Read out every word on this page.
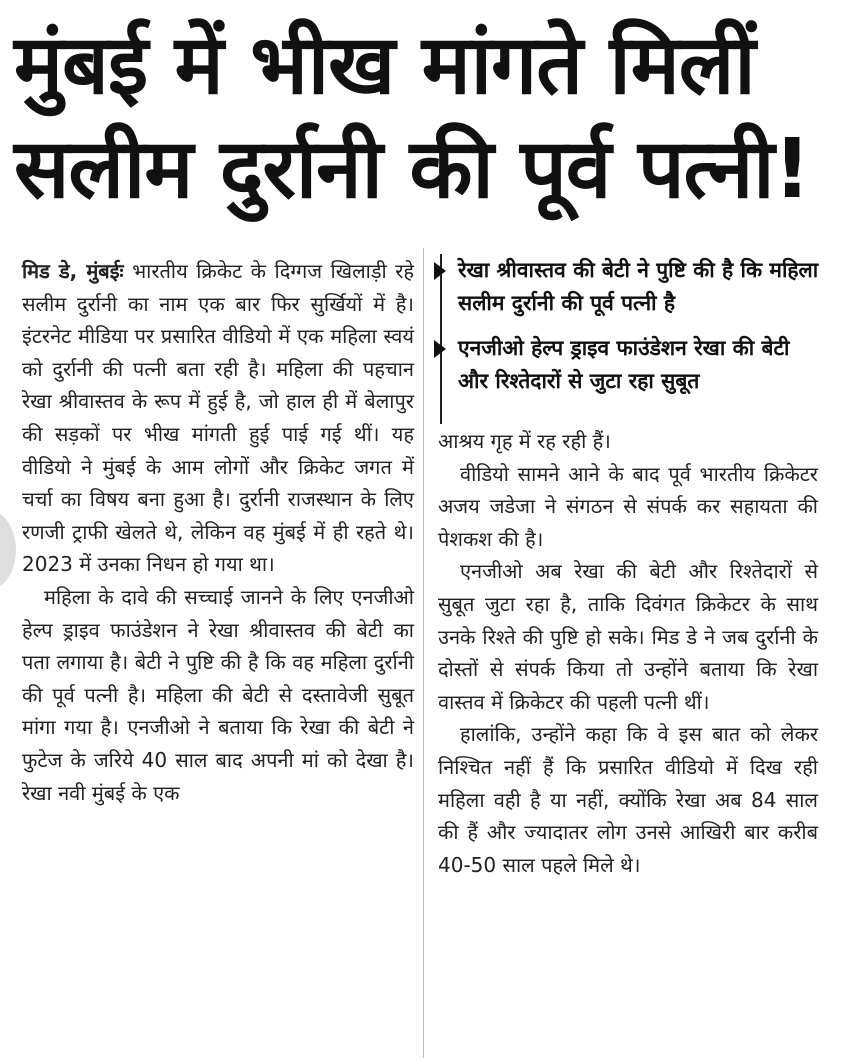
मुंबई में भीख मांगते मिलीं
सलीम दुर्रानी की पूर्व पत्नी!

मिड डे, मुंबईः भारतीय क्रिकेट के दिग्गज खिलाड़ी रहे सलीम दुर्रानी का नाम एक बार फिर सुर्खियों में है। इंटरनेट मीडिया पर प्रसारित वीडियो में एक महिला स्वयं को दुर्रानी की पत्नी बता रही है। महिला की पहचान रेखा श्रीवास्तव के रूप में हुई है, जो हाल ही में बेलापुर की सड़कों पर भीख मांगती हुई पाई गई थीं। यह वीडियो ने मुंबई के आम लोगों और क्रिकेट जगत में चर्चा का विषय बना हुआ है। दुर्रानी राजस्थान के लिए रणजी ट्राफी खेलते थे, लेकिन वह मुंबई में ही रहते थे। 2023 में उनका निधन हो गया था।

महिला के दावे की सच्चाई जानने के लिए एनजीओ हेल्प ड्राइव फाउंडेशन ने रेखा श्रीवास्तव की बेटी का पता लगाया है। बेटी ने पुष्टि की है कि वह महिला दुर्रानी की पूर्व पत्नी है। महिला की बेटी से दस्तावेजी सुबूत मांगा गया है। एनजीओ ने बताया कि रेखा की बेटी ने फुटेज के जरिये 40 साल बाद अपनी मां को देखा है। रेखा नवी मुंबई के एक

रेखा श्रीवास्तव की बेटी ने पुष्टि की है कि महिला सलीम दुर्रानी की पूर्व पत्नी है
एनजीओ हेल्प ड्राइव फाउंडेशन रेखा की बेटी और रिश्तेदारों से जुटा रहा सुबूत

आश्रय गृह में रह रही हैं।

वीडियो सामने आने के बाद पूर्व भारतीय क्रिकेटर अजय जडेजा ने संगठन से संपर्क कर सहायता की पेशकश की है।

एनजीओ अब रेखा की बेटी और रिश्तेदारों से सुबूत जुटा रहा है, ताकि दिवंगत क्रिकेटर के साथ उनके रिश्ते की पुष्टि हो सके। मिड डे ने जब दुर्रानी के दोस्तों से संपर्क किया तो उन्होंने बताया कि रेखा वास्तव में क्रिकेटर की पहली पत्नी थीं।

हालांकि, उन्होंने कहा कि वे इस बात को लेकर निश्चित नहीं हैं कि प्रसारित वीडियो में दिख रही महिला वही है या नहीं, क्योंकि रेखा अब 84 साल की हैं और ज्यादातर लोग उनसे आखिरी बार करीब 40-50 साल पहले मिले थे।
